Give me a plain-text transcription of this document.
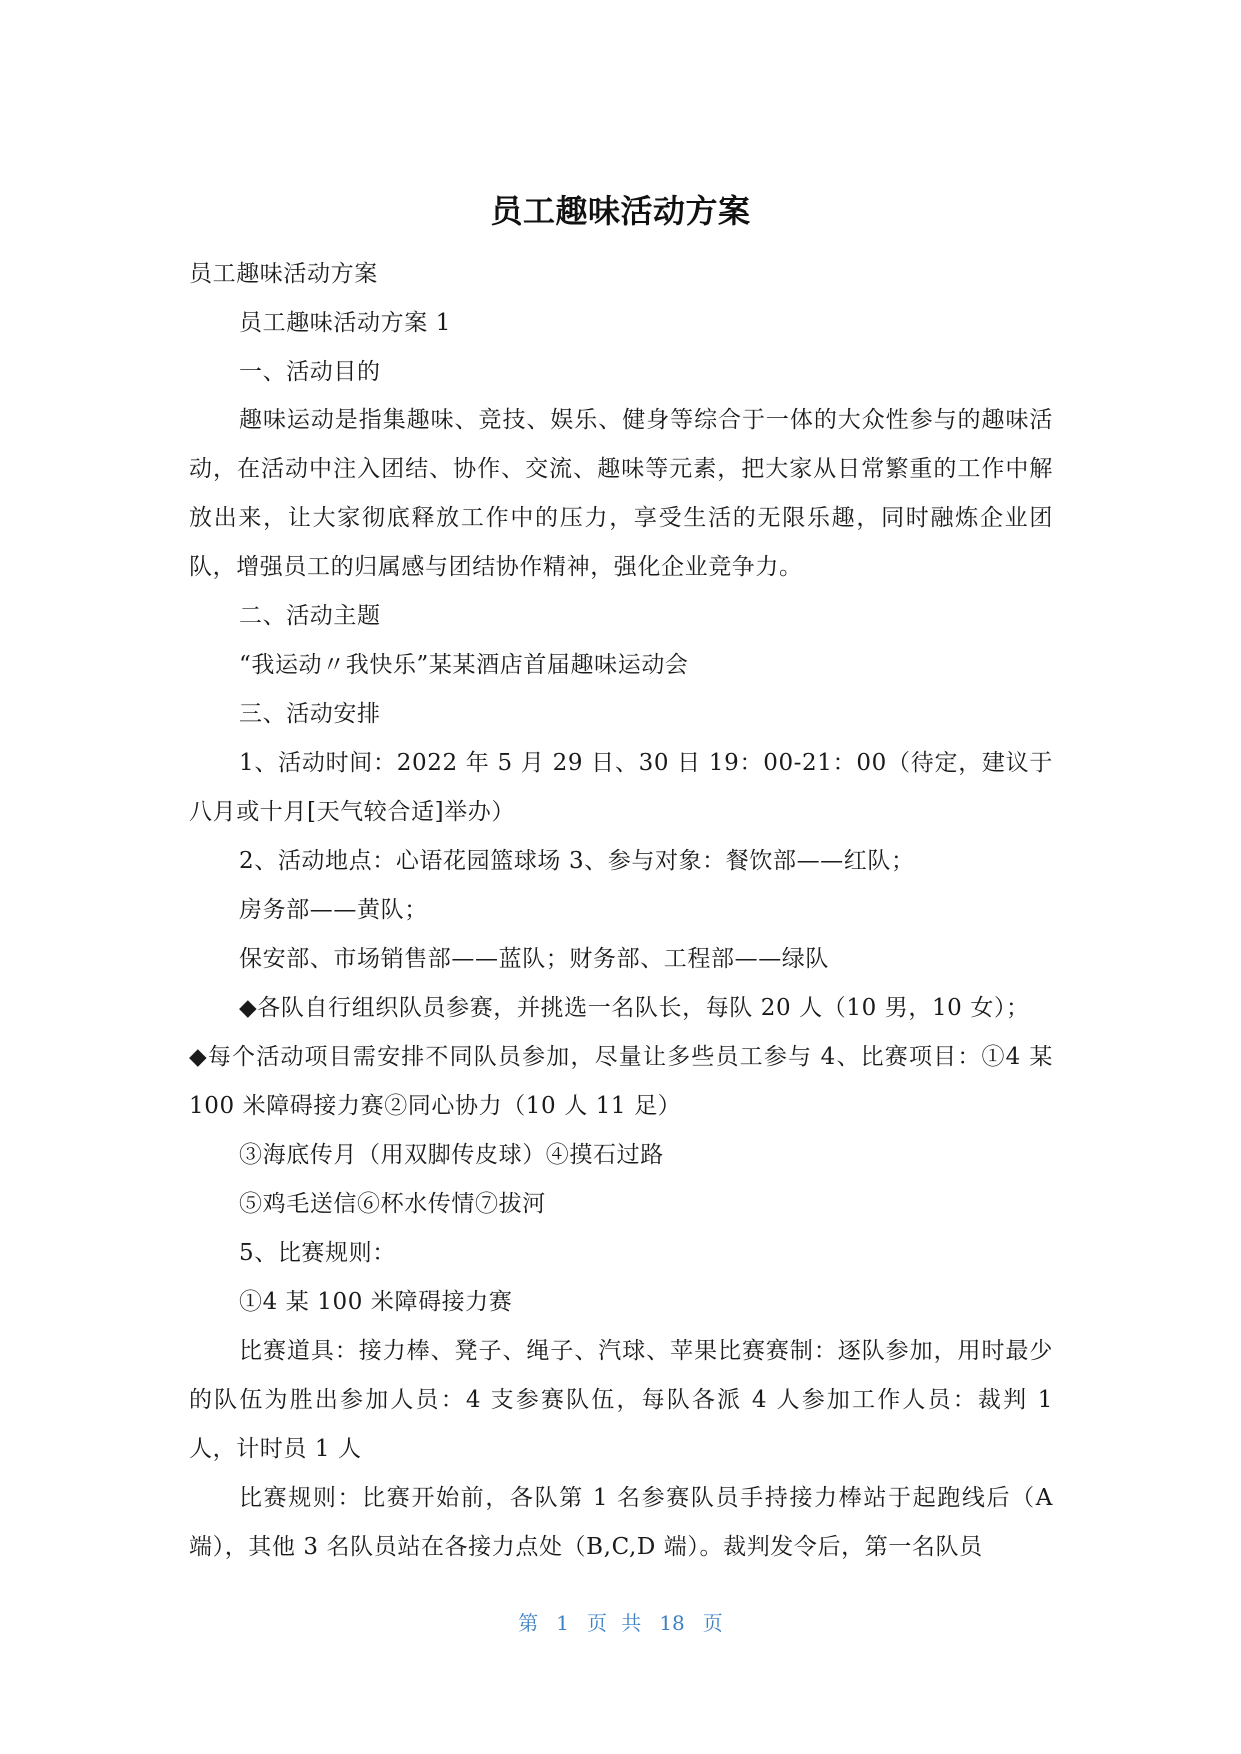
员工趣味活动方案

员工趣味活动方案

员工趣味活动方案 1

一、活动目的

趣味运动是指集趣味、竞技、娱乐、健身等综合于一体的大众性参与的趣味活动，在活动中注入团结、协作、交流、趣味等元素，把大家从日常繁重的工作中解放出来，让大家彻底释放工作中的压力，享受生活的无限乐趣，同时融炼企业团队，增强员工的归属感与团结协作精神，强化企业竞争力。

二、活动主题

“我运动〃我快乐”某某酒店首届趣味运动会

三、活动安排

1、活动时间：2022 年 5 月 29 日、30 日 19：00-21：00（待定，建议于八月或十月[天气较合适]举办）

2、活动地点：心语花园篮球场 3、参与对象：餐饮部——红队；

房务部——黄队；

保安部、市场销售部——蓝队；财务部、工程部——绿队

◆各队自行组织队员参赛，并挑选一名队长，每队 20 人（10 男，10 女）；

◆每个活动项目需安排不同队员参加，尽量让多些员工参与 4、比赛项目：①4 某 100 米障碍接力赛②同心协力（10 人 11 足）

③海底传月（用双脚传皮球）④摸石过路

⑤鸡毛送信⑥杯水传情⑦拔河

5、比赛规则：

①4 某 100 米障碍接力赛

比赛道具：接力棒、凳子、绳子、汽球、苹果比赛赛制：逐队参加，用时最少的队伍为胜出参加人员：4 支参赛队伍，每队各派 4 人参加工作人员：裁判 1 人，计时员 1 人

比赛规则：比赛开始前，各队第 1 名参赛队员手持接力棒站于起跑线后（A 端），其他 3 名队员站在各接力点处（B,C,D 端）。裁判发令后，第一名队员

第 1 页 共 18 页
